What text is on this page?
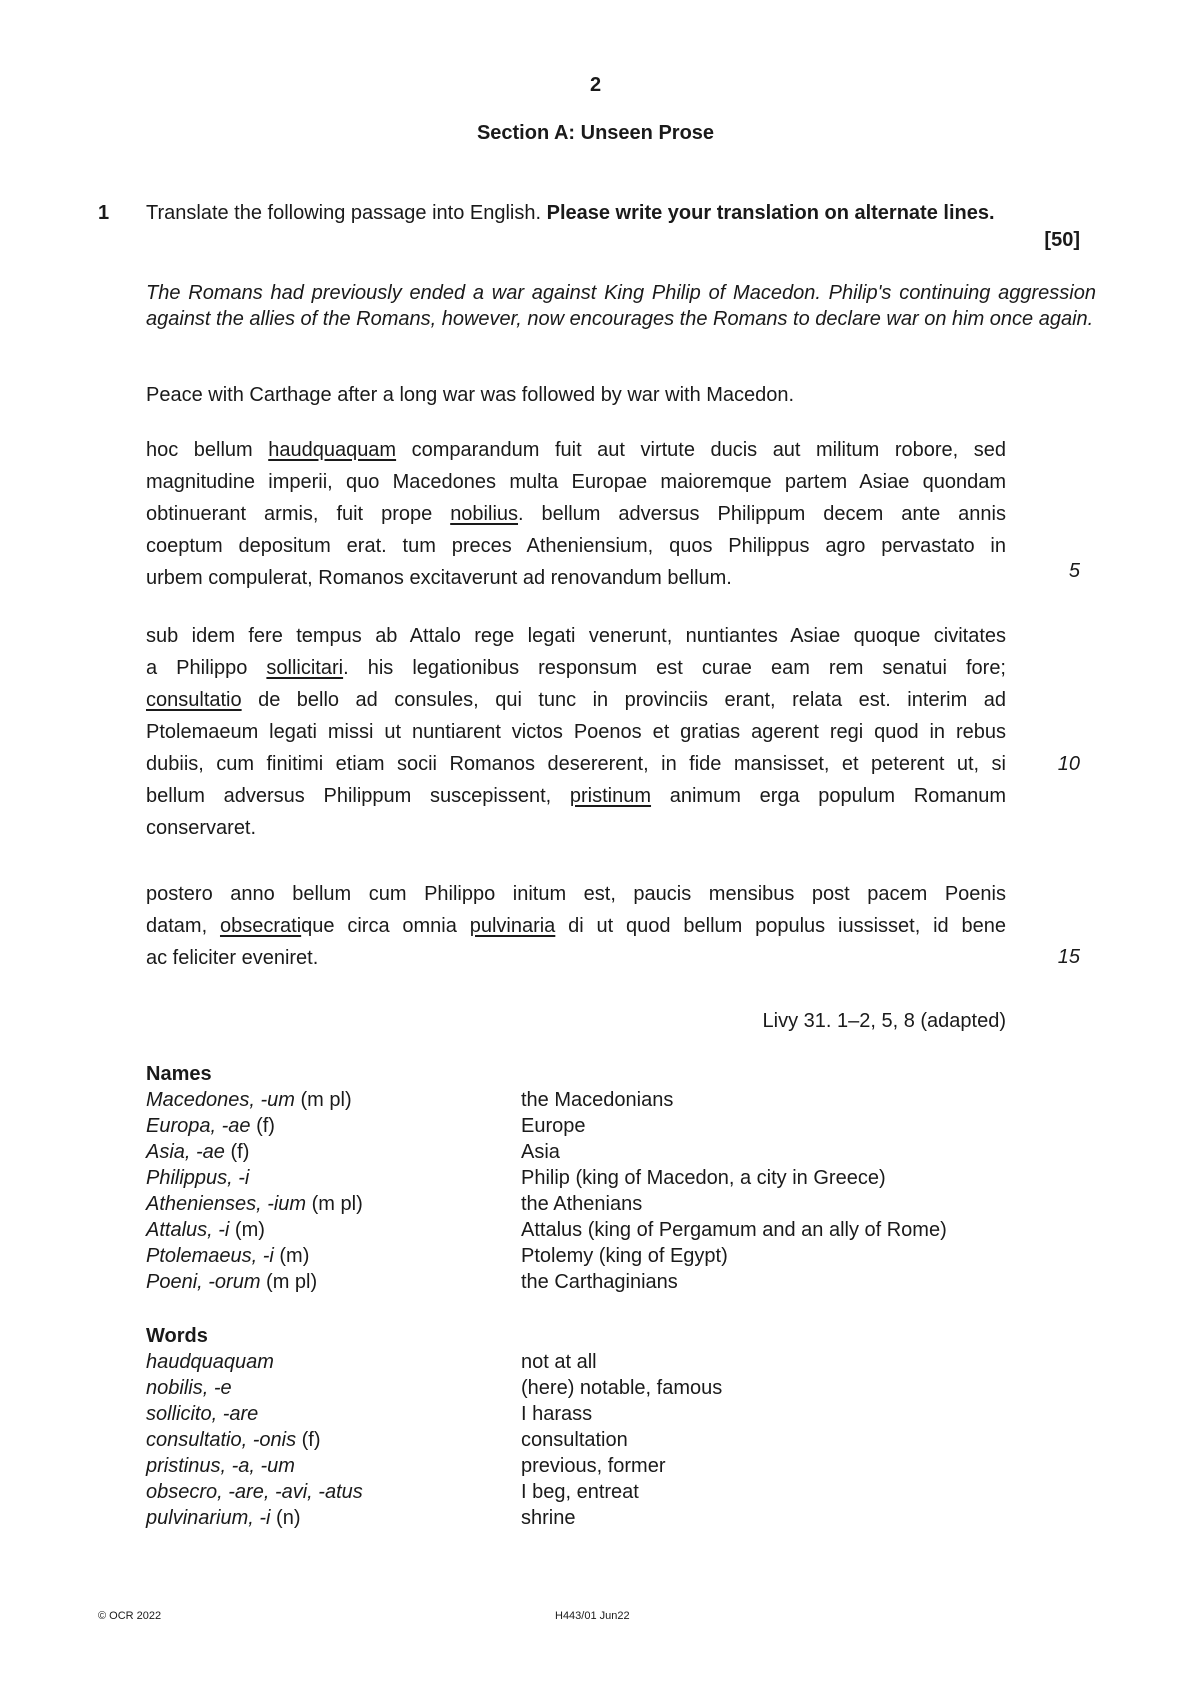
2
Section A: Unseen Prose
1 Translate the following passage into English. Please write your translation on alternate lines.
[50]
The Romans had previously ended a war against King Philip of Macedon. Philip's continuing aggression against the allies of the Romans, however, now encourages the Romans to declare war on him once again.
Peace with Carthage after a long war was followed by war with Macedon.
hoc bellum haudquaquam comparandum fuit aut virtute ducis aut militum robore, sed
magnitudine imperii, quo Macedones multa Europae maioremque partem Asiae quondam
obtinuerant armis, fuit prope nobilius. bellum adversus Philippum decem ante annis
coeptum depositum erat. tum preces Atheniensium, quos Philippus agro pervastato in
urbem compulerat, Romanos excitaverunt ad renovandum bellum.	5
sub idem fere tempus ab Attalo rege legati venerunt, nuntiantes Asiae quoque civitates
a Philippo sollicitari. his legationibus responsum est curae eam rem senatui fore;
consultatio de bello ad consules, qui tunc in provinciis erant, relata est. interim ad
Ptolemaeum legati missi ut nuntiarent victos Poenos et gratias agerent regi quod in rebus
dubiis, cum finitimi etiam socii Romanos desererent, in fide mansisset, et peterent ut, si
bellum adversus Philippum suscepissent, pristinum animum erga populum Romanum
conservaret.
10
postero anno bellum cum Philippo initum est, paucis mensibus post pacem Poenis
datam, obsecratique circa omnia pulvinaria di ut quod bellum populus iussisset, id bene
ac feliciter eveniret.	15
Livy 31. 1–2, 5, 8 (adapted)
Names
Macedones, -um (m pl)	the Macedonians
Europa, -ae (f)	Europe
Asia, -ae (f)	Asia
Philippus, -i	Philip (king of Macedon, a city in Greece)
Athenienses, -ium (m pl)	the Athenians
Attalus, -i (m)	Attalus (king of Pergamum and an ally of Rome)
Ptolemaeus, -i (m)	Ptolemy (king of Egypt)
Poeni, -orum (m pl)	the Carthaginians
Words
haudquaquam	not at all
nobilis, -e	(here) notable, famous
sollicito, -are	I harass
consultatio, -onis (f)	consultation
pristinus, -a, -um	previous, former
obsecro, -are, -avi, -atus	I beg, entreat
pulvinarium, -i (n)	shrine
© OCR 2022	H443/01 Jun22
